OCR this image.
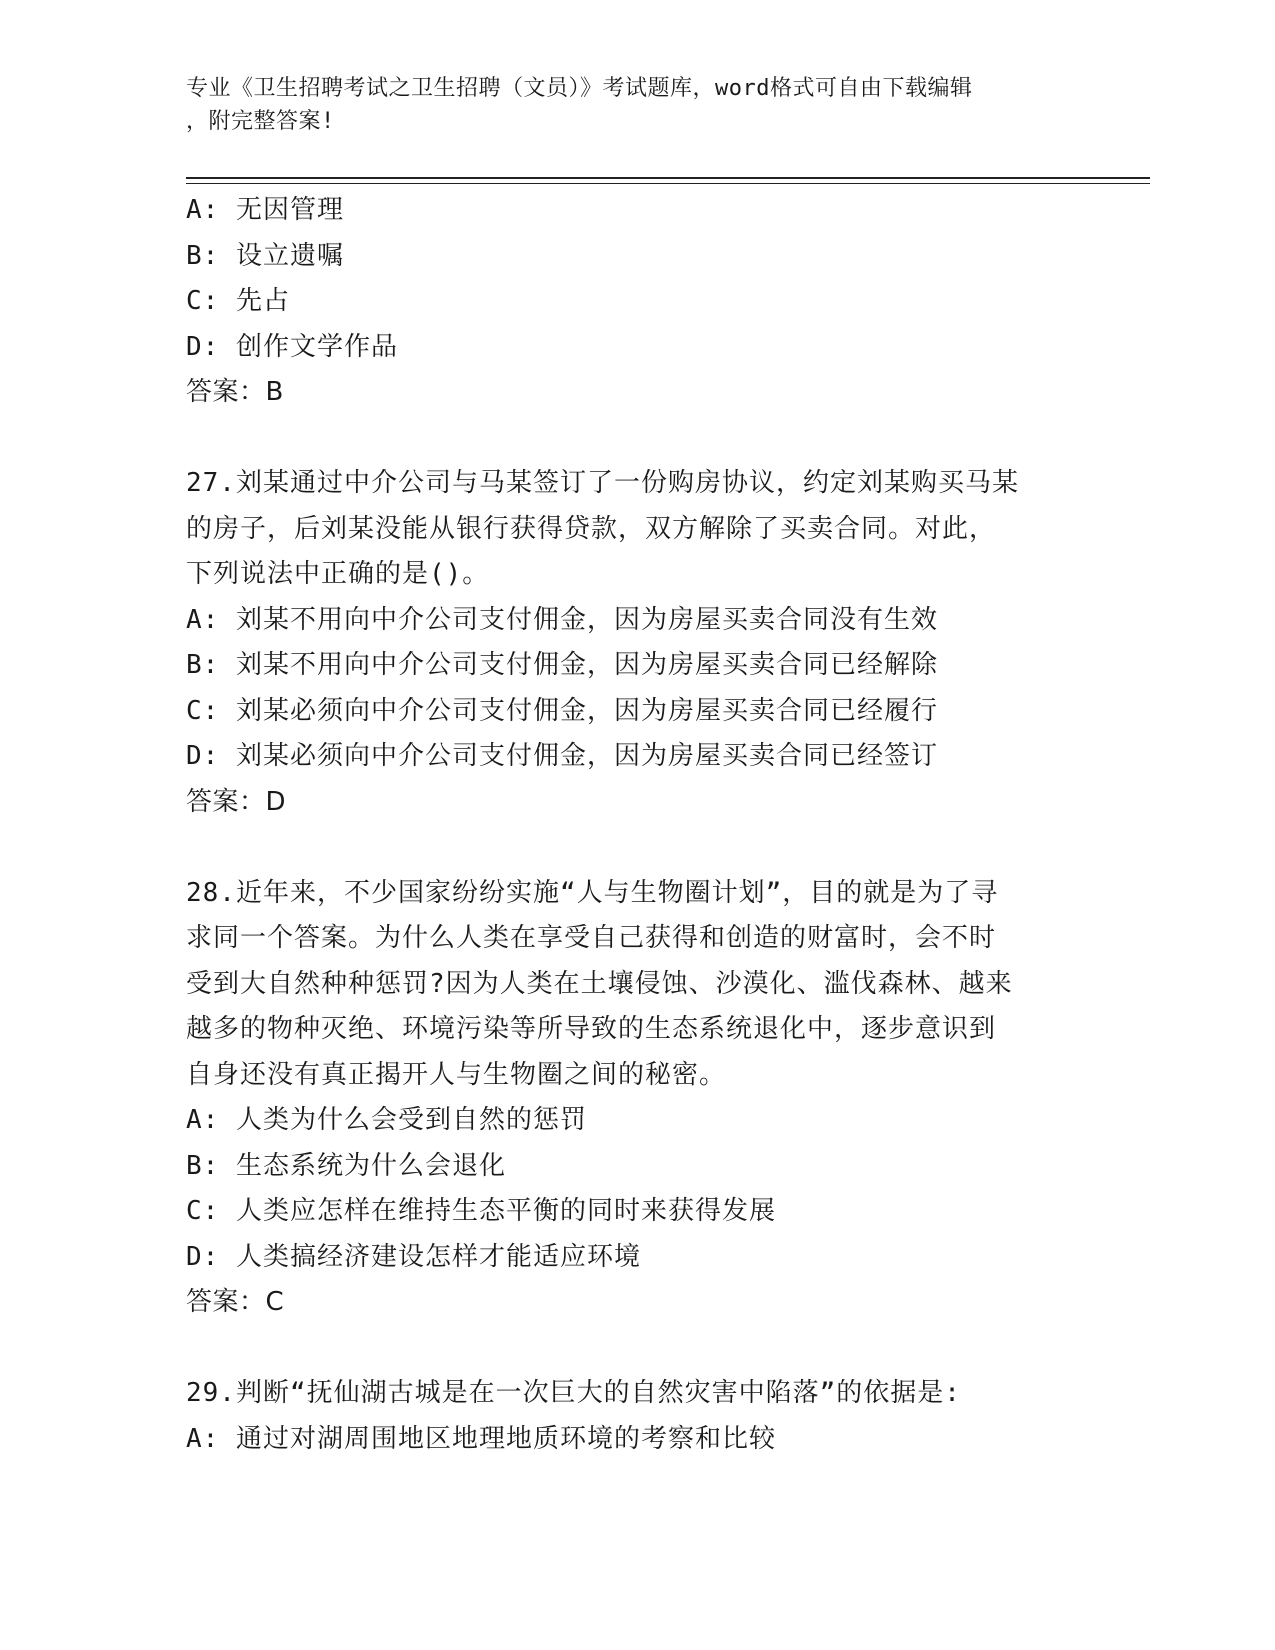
专业《卫生招聘考试之卫生招聘（文员）》考试题库，word格式可自由下载编辑
，附完整答案!
A: 无因管理
B: 设立遗嘱
C: 先占
D: 创作文学作品
答案：B
27.刘某通过中介公司与马某签订了一份购房协议，约定刘某购买马某
的房子，后刘某没能从银行获得贷款，双方解除了买卖合同。对此，
下列说法中正确的是()。
A: 刘某不用向中介公司支付佣金，因为房屋买卖合同没有生效
B: 刘某不用向中介公司支付佣金，因为房屋买卖合同已经解除
C: 刘某必须向中介公司支付佣金，因为房屋买卖合同已经履行
D: 刘某必须向中介公司支付佣金，因为房屋买卖合同已经签订
答案：D
28.近年来，不少国家纷纷实施“人与生物圈计划”，目的就是为了寻
求同一个答案。为什么人类在享受自己获得和创造的财富时，会不时
受到大自然种种惩罚?因为人类在土壤侵蚀、沙漠化、滥伐森林、越来
越多的物种灭绝、环境污染等所导致的生态系统退化中，逐步意识到
自身还没有真正揭开人与生物圈之间的秘密。
A: 人类为什么会受到自然的惩罚
B: 生态系统为什么会退化
C: 人类应怎样在维持生态平衡的同时来获得发展
D: 人类搞经济建设怎样才能适应环境
答案：C
29.判断“抚仙湖古城是在一次巨大的自然灾害中陷落”的依据是:
A: 通过对湖周围地区地理地质环境的考察和比较
